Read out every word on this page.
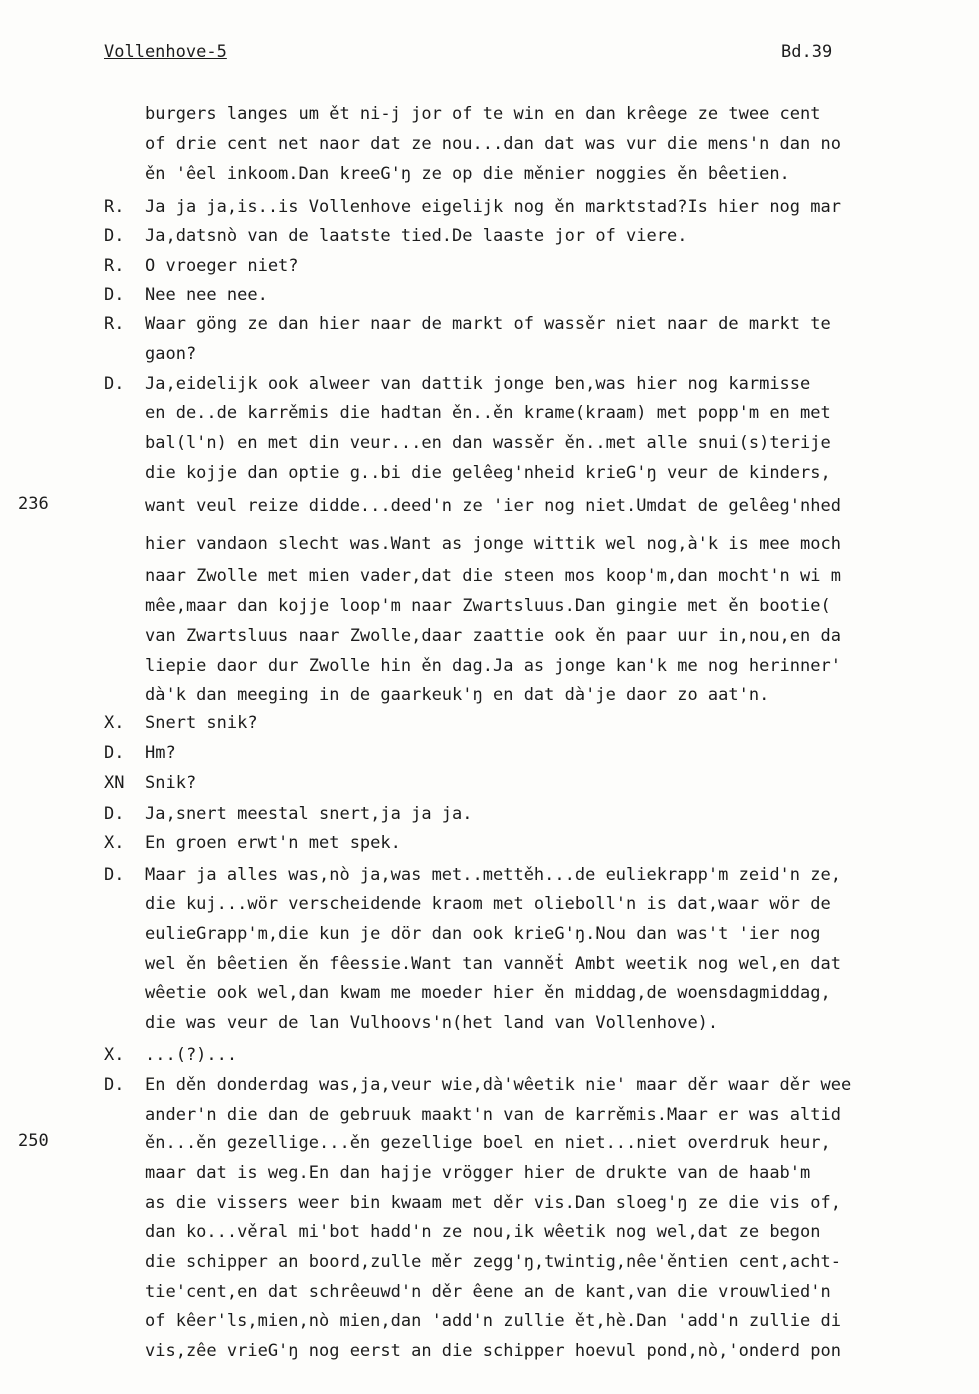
Vollenhove-5	Bd.39
236
250
burgers langes um ět ni-j jor of te win en dan krêege ze twee cent
of drie cent net naor dat ze nou...dan dat was vur die mens'n dan no
ěn 'êel inkoom.Dan kreeG'ŋ ze op die měnier noggies ěn bêetien.
R.	Ja ja ja,is..is Vollenhove eigelijk nog ěn marktstad?Is hier nog mar
D.	Ja,datsnò van de laatste tied.De laaste jor of viere.
R.	O vroeger niet?
D.	Nee nee nee.
R.	Waar göng ze dan hier naar de markt of wassěr niet naar de markt te
gaon?
D.	Ja,eidelijk ook alweer van dattik jonge ben,was hier nog karmisse
en de..de karrěmis die hadtan ěn..ěn krame(kraam) met popp'm en met
bal(l'n) en met din veur...en dan wassěr ěn..met alle snui(s)terije
die kojje dan optie g..bi die gelêeg'nheid krieG'ŋ veur de kinders,
want veul reize didde...deed'n ze 'ier nog niet.Umdat de gelêeg'nhed
hier vandaon slecht was.Want as jonge wittik wel nog,à'k is mee moch
naar Zwolle met mien vader,dat die steen mos koop'm,dan mocht'n wi m
mêe,maar dan kojje loop'm naar Zwartsluus.Dan gingie met ěn bootie(
van Zwartsluus naar Zwolle,daar zaattie ook ěn paar uur in,nou,en da
liepie daor dur Zwolle hin ěn dag.Ja as jonge kan'k me nog herinner'
dà'k dan meeging in de gaarkeuk'ŋ en dat dà'je daor zo aat'n.
X.	Snert snik?
D.	Hm?
XN	Snik?
D.	Ja,snert meestal snert,ja ja ja.
X.	En groen erwt'n met spek.
D.	Maar ja alles was,nò ja,was met..mettěh...de euliekrapp'm zeid'n ze,
die kuj...wör verscheidende kraom met olieboll'n is dat,waar wör de
eulieGrapp'm,die kun je dör dan ook krieG'ŋ.Nou dan was't 'ier nog
wel ěn bêetien ěn fêessie.Want tan vanněṫ Ambt weetik nog wel,en dat
wêetie ook wel,dan kwam me moeder hier ěn middag,de woensdagmiddag,
die was veur de lan Vulhoovs'n(het land van Vollenhove).
X.	...(?)...
D.	En děn donderdag was,ja,veur wie,dà'wêetik nie' maar děr waar děr wee
ander'n die dan de gebruuk maakt'n van de karrěmis.Maar er was altid
ěn...ěn gezellige...ěn gezellige boel en niet...niet overdruk heur,
maar dat is weg.En dan hajje vrögger hier de drukte van de haab'm
as die vissers weer bin kwaam met děr vis.Dan sloeg'ŋ ze die vis of,
dan ko...věral mi'bot hadd'n ze nou,ik wêetik nog wel,dat ze begon
die schipper an boord,zulle měr zegg'ŋ,twintig,nêe'ěntien cent,acht-
tie'cent,en dat schrêeuwd'n děr êene an de kant,van die vrouwlied'n
of kêer'ls,mien,nò mien,dan 'add'n zullie ět,hè.Dan 'add'n zullie di
vis,zêe vrieG'ŋ nog eerst an die schipper hoevul pond,nò,'onderd pon
